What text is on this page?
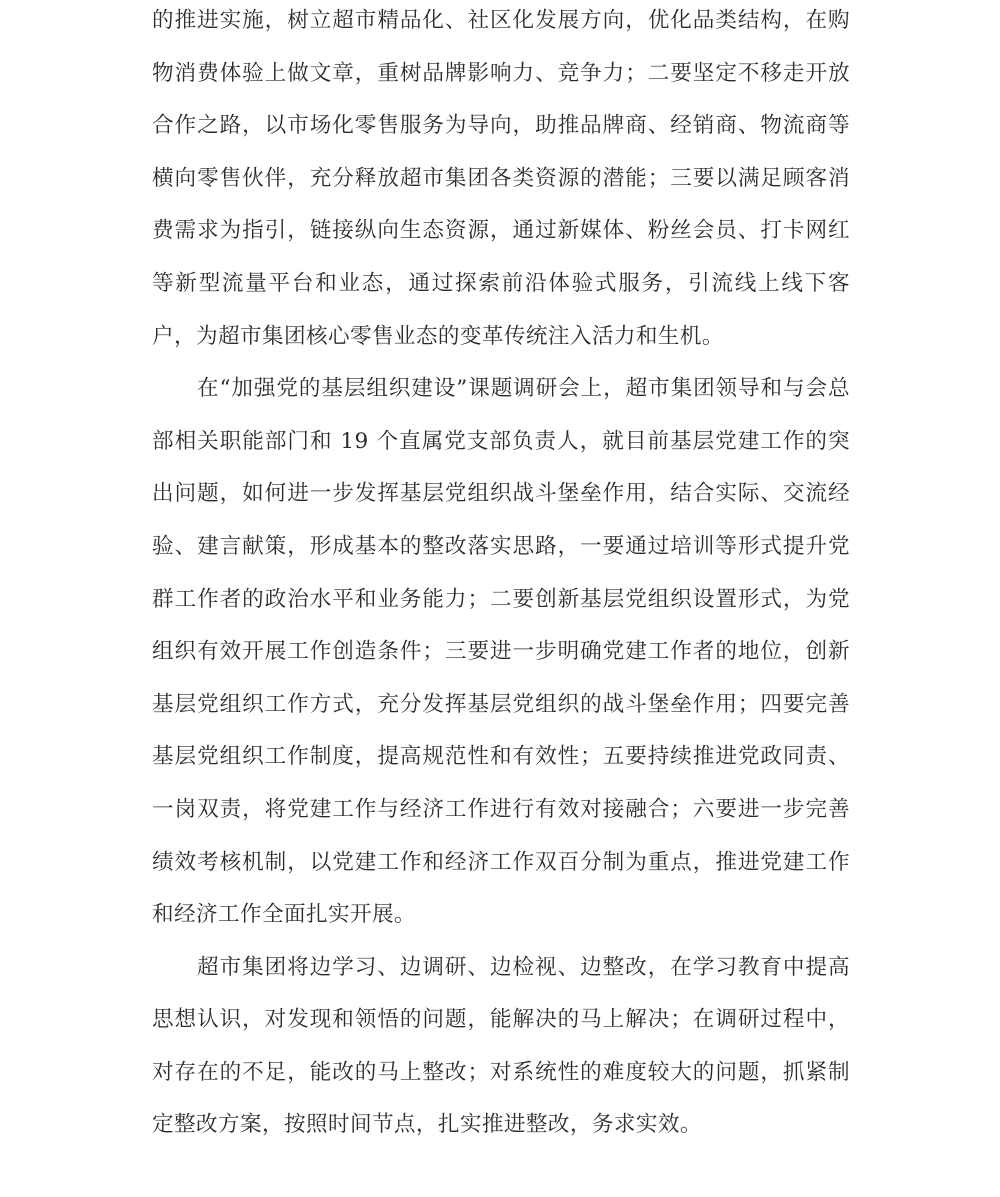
的推进实施，树立超市精品化、社区化发展方向，优化品类结构，在购物消费体验上做文章，重树品牌影响力、竞争力；二要坚定不移走开放合作之路，以市场化零售服务为导向，助推品牌商、经销商、物流商等横向零售伙伴，充分释放超市集团各类资源的潜能；三要以满足顾客消费需求为指引，链接纵向生态资源，通过新媒体、粉丝会员、打卡网红等新型流量平台和业态，通过探索前沿体验式服务，引流线上线下客户，为超市集团核心零售业态的变革传统注入活力和生机。

在“加强党的基层组织建设”课题调研会上，超市集团领导和与会总部相关职能部门和 19 个直属党支部负责人，就目前基层党建工作的突出问题，如何进一步发挥基层党组织战斗堡垒作用，结合实际、交流经验、建言献策，形成基本的整改落实思路，一要通过培训等形式提升党群工作者的政治水平和业务能力；二要创新基层党组织设置形式，为党组织有效开展工作创造条件；三要进一步明确党建工作者的地位，创新基层党组织工作方式，充分发挥基层党组织的战斗堡垒作用；四要完善基层党组织工作制度，提高规范性和有效性；五要持续推进党政同责、一岗双责，将党建工作与经济工作进行有效对接融合；六要进一步完善绩效考核机制，以党建工作和经济工作双百分制为重点，推进党建工作和经济工作全面扎实开展。

超市集团将边学习、边调研、边检视、边整改，在学习教育中提高思想认识，对发现和领悟的问题，能解决的马上解决；在调研过程中，对存在的不足，能改的马上整改；对系统性的难度较大的问题，抓紧制定整改方案，按照时间节点，扎实推进整改，务求实效。
